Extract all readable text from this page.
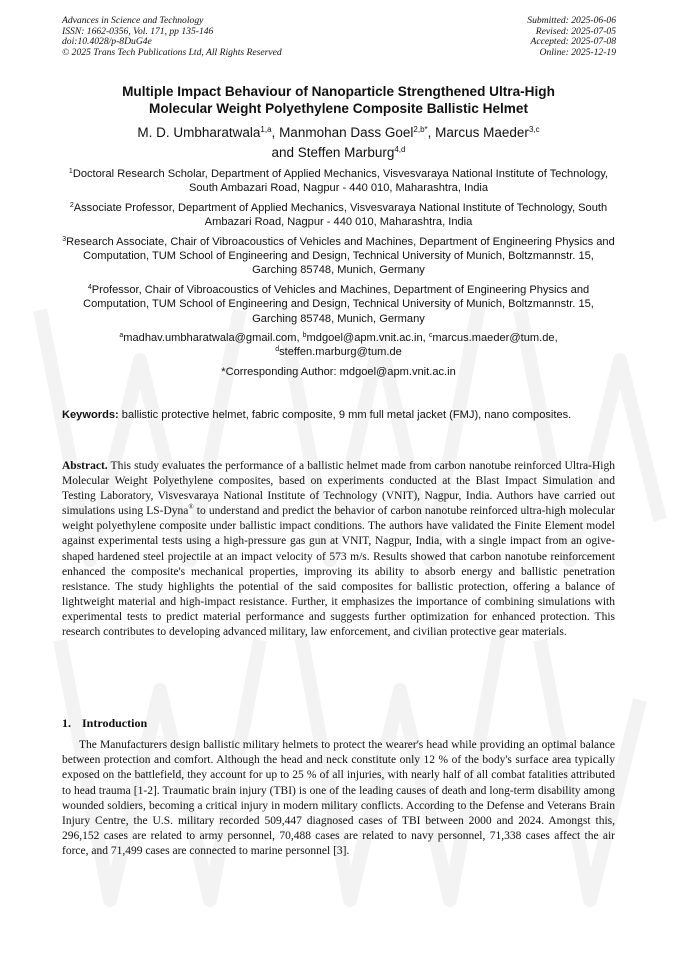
Advances in Science and Technology
ISSN: 1662-0356, Vol. 171, pp 135-146
doi:10.4028/p-8DuG4e
© 2025 Trans Tech Publications Ltd, All Rights Reserved
Submitted: 2025-06-06
Revised: 2025-07-05
Accepted: 2025-07-08
Online: 2025-12-19
Multiple Impact Behaviour of Nanoparticle Strengthened Ultra-High
Molecular Weight Polyethylene Composite Ballistic Helmet
M. D. Umbharatwala$^{1,a}$, Manmohan Dass Goel$^{2,b*}$, Marcus Maeder$^{3,c}$
and Steffen Marburg$^{4,d}$

$^1$Doctoral Research Scholar, Department of Applied Mechanics, Visvesvaraya National Institute of Technology, South Ambazari Road, Nagpur - 440 010, Maharashtra, India

$^2$Associate Professor, Department of Applied Mechanics, Visvesvaraya National Institute of Technology, South Ambazari Road, Nagpur - 440 010, Maharashtra, India

$^3$Research Associate, Chair of Vibroacoustics of Vehicles and Machines, Department of Engineering Physics and Computation, TUM School of Engineering and Design, Technical University of Munich, Boltzmannstr. 15, Garching 85748, Munich, Germany

$^4$Professor, Chair of Vibroacoustics of Vehicles and Machines, Department of Engineering Physics and Computation, TUM School of Engineering and Design, Technical University of Munich, Boltzmannstr. 15, Garching 85748, Munich, Germany

$^a$madhav.umbharatwala@gmail.com, $^b$mdgoel@apm.vnit.ac.in, $^c$marcus.maeder@tum.de,
$^d$steffen.marburg@tum.de

*Corresponding Author: mdgoel@apm.vnit.ac.in

Keywords: ballistic protective helmet, fabric composite, 9 mm full metal jacket (FMJ), nano composites.

Abstract. This study evaluates the performance of a ballistic helmet made from carbon nanotube reinforced Ultra-High Molecular Weight Polyethylene composites, based on experiments conducted at the Blast Impact Simulation and Testing Laboratory, Visvesvaraya National Institute of Technology (VNIT), Nagpur, India. Authors have carried out simulations using LS-Dyna® to understand and predict the behavior of carbon nanotube reinforced ultra-high molecular weight polyethylene composite under ballistic impact conditions. The authors have validated the Finite Element model against experimental tests using a high-pressure gas gun at VNIT, Nagpur, India, with a single impact from an ogive-shaped hardened steel projectile at an impact velocity of 573 m/s. Results showed that carbon nanotube reinforcement enhanced the composite's mechanical properties, improving its ability to absorb energy and ballistic penetration resistance. The study highlights the potential of the said composites for ballistic protection, offering a balance of lightweight material and high-impact resistance. Further, it emphasizes the importance of combining simulations with experimental tests to predict material performance and suggests further optimization for enhanced protection. This research contributes to developing advanced military, law enforcement, and civilian protective gear materials.

1. Introduction

The Manufacturers design ballistic military helmets to protect the wearer's head while providing an optimal balance between protection and comfort. Although the head and neck constitute only 12 % of the body's surface area typically exposed on the battlefield, they account for up to 25 % of all injuries, with nearly half of all combat fatalities attributed to head trauma [1-2]. Traumatic brain injury (TBI) is one of the leading causes of death and long-term disability among wounded soldiers, becoming a critical injury in modern military conflicts. According to the Defense and Veterans Brain Injury Centre, the U.S. military recorded 509,447 diagnosed cases of TBI between 2000 and 2024. Amongst this, 296,152 cases are related to army personnel, 70,488 cases are related to navy personnel, 71,338 cases affect the air force, and 71,499 cases are connected to marine personnel [3].
